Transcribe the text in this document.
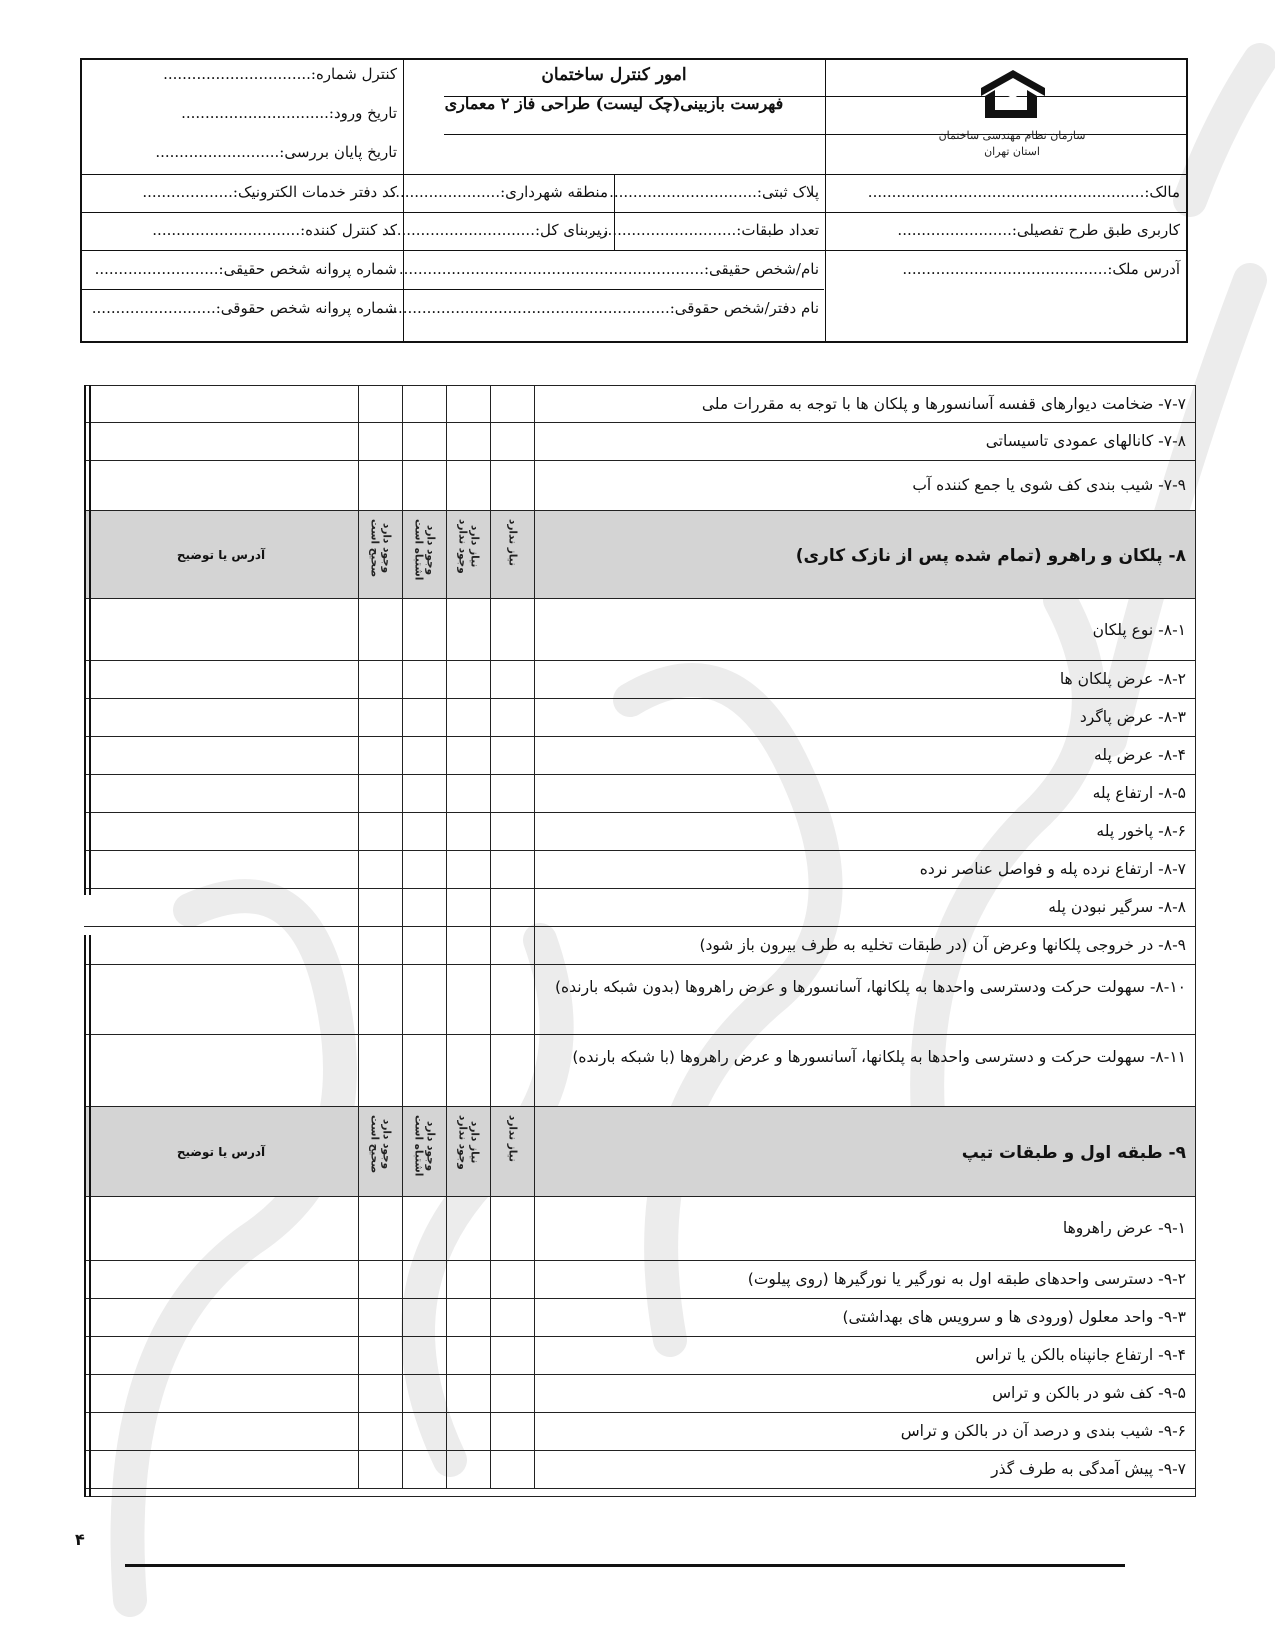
کنترل شماره:...............................
تاریخ ورود:...............................
تاریخ پایان بررسی:..........................
کد دفتر خدمات الکترونیک:...................
کد کنترل کننده:...............................
شماره پروانه شخص حقیقی:..........................
شماره پروانه شخص حقوقی:..........................
منطقه شهرداری:....................... پلاک ثبتی:...............................
زیربنای کل:...............................
تعداد طبقات:...............................
نام/شخص حقیقی:................................................................
نام دفتر/شخص حقوقی:...........................................................
مالک:..........................................................
کاربری طبق طرح تفصیلی:........................
آدرس ملک:...........................................
امور کنترل ساختمان
فهرست بازبینی(چک لیست) طراحی فاز ۲ معماری
سازمان نظام مهندسی ساختمان
استان تهران
۷-۷- ضخامت دیوارهای قفسه آسانسورها و پلکان ها با توجه به مقررات ملی
۷-۸- کانالهای عمودی تاسیساتی
۷-۹- شیب بندی کف شوی یا جمع کننده آب
۸- پلکان و راهرو (تمام شده پس از نازک کاری)
نیاز ندارد
نیاز دارد
وجود ندارد
وجود دارد
اشتباه است
وجود دارد
صحیح است
آدرس یا توضیح
۸-۱- نوع پلکان
۸-۲- عرض پلکان ها
۸-۳- عرض پاگرد
۸-۴- عرض پله
۸-۵- ارتفاع پله
۸-۶- پاخور پله
۸-۷- ارتفاع نرده پله و فواصل عناصر نرده
۸-۸- سرگیر نبودن پله
۸-۹- در خروجی پلکانها وعرض آن (در طبقات تخلیه به طرف بیرون باز شود)
۸-۱۰- سهولت حرکت ودسترسی واحدها به پلکانها، آسانسورها و عرض راهروها (بدون شبکه بارنده)
۸-۱۱- سهولت حرکت و دسترسی واحدها به پلکانها، آسانسورها و عرض راهروها (با شبکه بارنده)
۹- طبقه اول و طبقات تیپ
نیاز ندارد
نیاز دارد
وجود ندارد
وجود دارد
اشتباه است
وجود دارد
صحیح است
آدرس یا توضیح
۹-۱- عرض راهروها
۹-۲- دسترسی واحدهای طبقه اول به نورگیر یا نورگیرها (روی پیلوت)
۹-۳- واحد معلول (ورودی ها و سرویس های بهداشتی)
۹-۴- ارتفاع جانپناه بالکن یا تراس
۹-۵- کف شو در بالکن و تراس
۹-۶- شیب بندی و درصد آن در بالکن و تراس
۹-۷- پیش آمدگی به طرف گذر
۴
